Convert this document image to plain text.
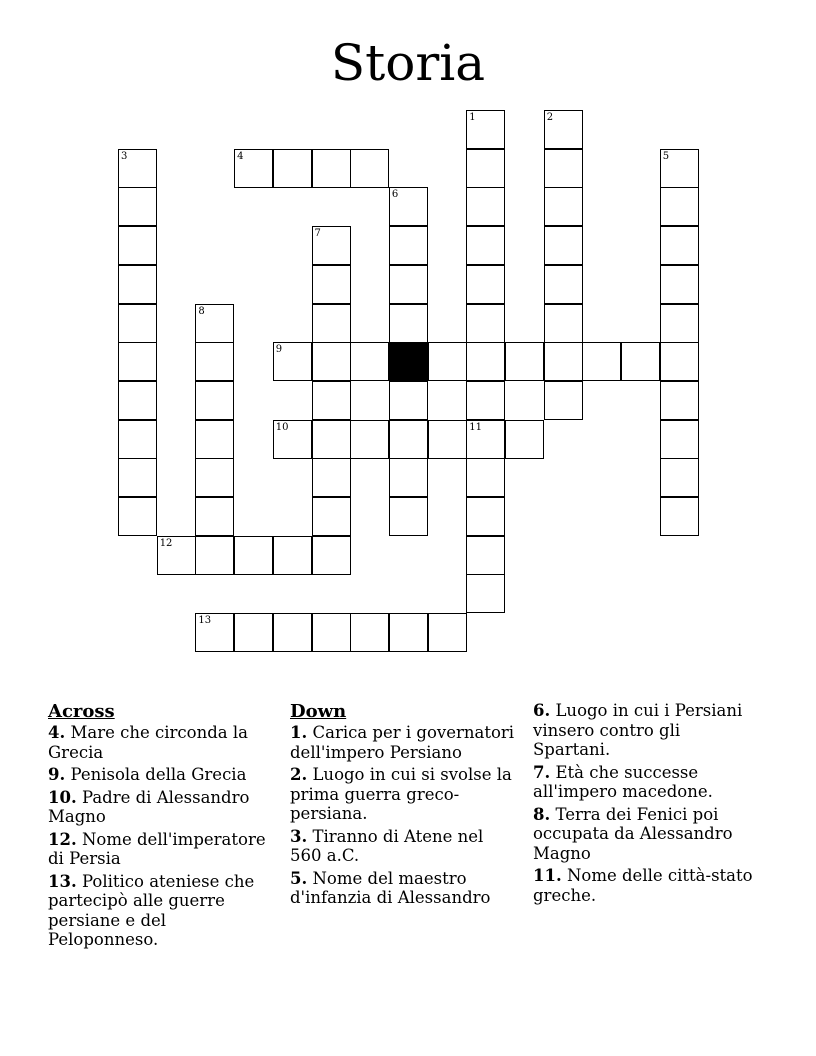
Storia
1
11
2
3	4	5
6
7
8
9
10
12
13
Across
4. Mare che circonda la Grecia
9. Penisola della Grecia
10. Padre di Alessandro Magno
12. Nome dell'imperatore di Persia
13. Politico ateniese che partecipò alle guerre persiane e del Peloponneso.
Down
1. Carica per i governatori dell'impero Persiano
2. Luogo in cui si svolse la prima guerra greco-persiana.
3. Tiranno di Atene nel 560 a.C.
5. Nome del maestro d'infanzia di Alessandro
6. Luogo in cui i Persiani vinsero contro gli Spartani.
7. Età che successe all'impero macedone.
8. Terra dei Fenici poi occupata da Alessandro Magno
11. Nome delle città-stato greche.
